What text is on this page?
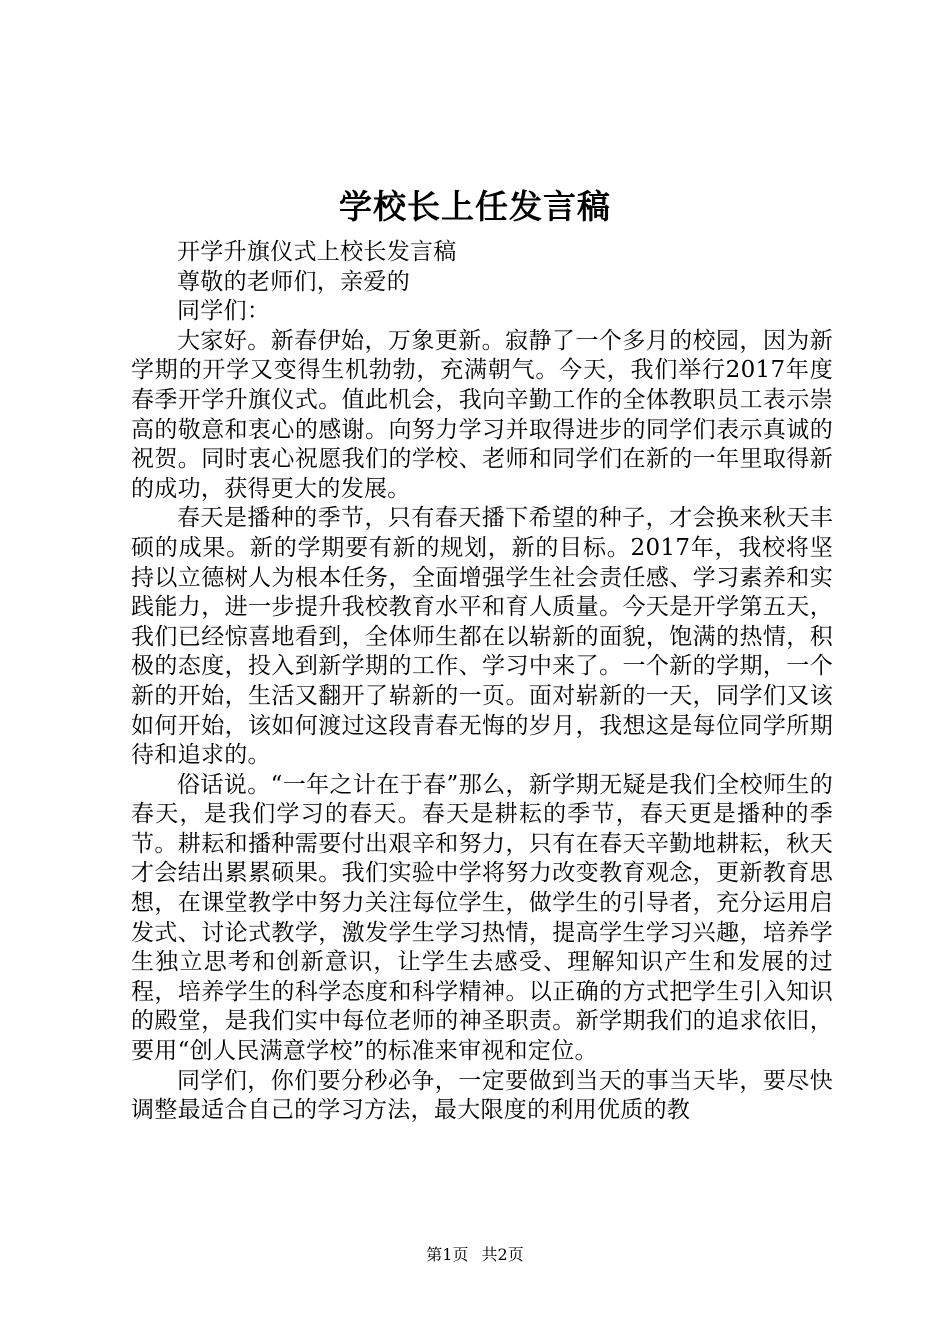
学校长上任发言稿

开学升旗仪式上校长发言稿

尊敬的老师们，亲爱的

同学们：

大家好。新春伊始，万象更新。寂静了一个多月的校园，因为新学期的开学又变得生机勃勃，充满朝气。今天，我们举行2017年度春季开学升旗仪式。值此机会，我向辛勤工作的全体教职员工表示崇高的敬意和衷心的感谢。向努力学习并取得进步的同学们表示真诚的祝贺。同时衷心祝愿我们的学校、老师和同学们在新的一年里取得新的成功，获得更大的发展。

春天是播种的季节，只有春天播下希望的种子，才会换来秋天丰硕的成果。新的学期要有新的规划，新的目标。2017年，我校将坚持以立德树人为根本任务，全面增强学生社会责任感、学习素养和实践能力，进一步提升我校教育水平和育人质量。今天是开学第五天，我们已经惊喜地看到，全体师生都在以崭新的面貌，饱满的热情，积极的态度，投入到新学期的工作、学习中来了。一个新的学期，一个新的开始，生活又翻开了崭新的一页。面对崭新的一天，同学们又该如何开始，该如何渡过这段青春无悔的岁月，我想这是每位同学所期待和追求的。

俗话说。“一年之计在于春”那么，新学期无疑是我们全校师生的春天，是我们学习的春天。春天是耕耘的季节，春天更是播种的季节。耕耘和播种需要付出艰辛和努力，只有在春天辛勤地耕耘，秋天才会结出累累硕果。我们实验中学将努力改变教育观念，更新教育思想，在课堂教学中努力关注每位学生，做学生的引导者，充分运用启发式、讨论式教学，激发学生学习热情，提高学生学习兴趣，培养学生独立思考和创新意识，让学生去感受、理解知识产生和发展的过程，培养学生的科学态度和科学精神。以正确的方式把学生引入知识的殿堂，是我们实中每位老师的神圣职责。新学期我们的追求依旧，要用“创人民满意学校”的标准来审视和定位。

同学们，你们要分秒必争，一定要做到当天的事当天毕，要尽快调整最适合自己的学习方法，最大限度的利用优质的教

第1页 共2页
